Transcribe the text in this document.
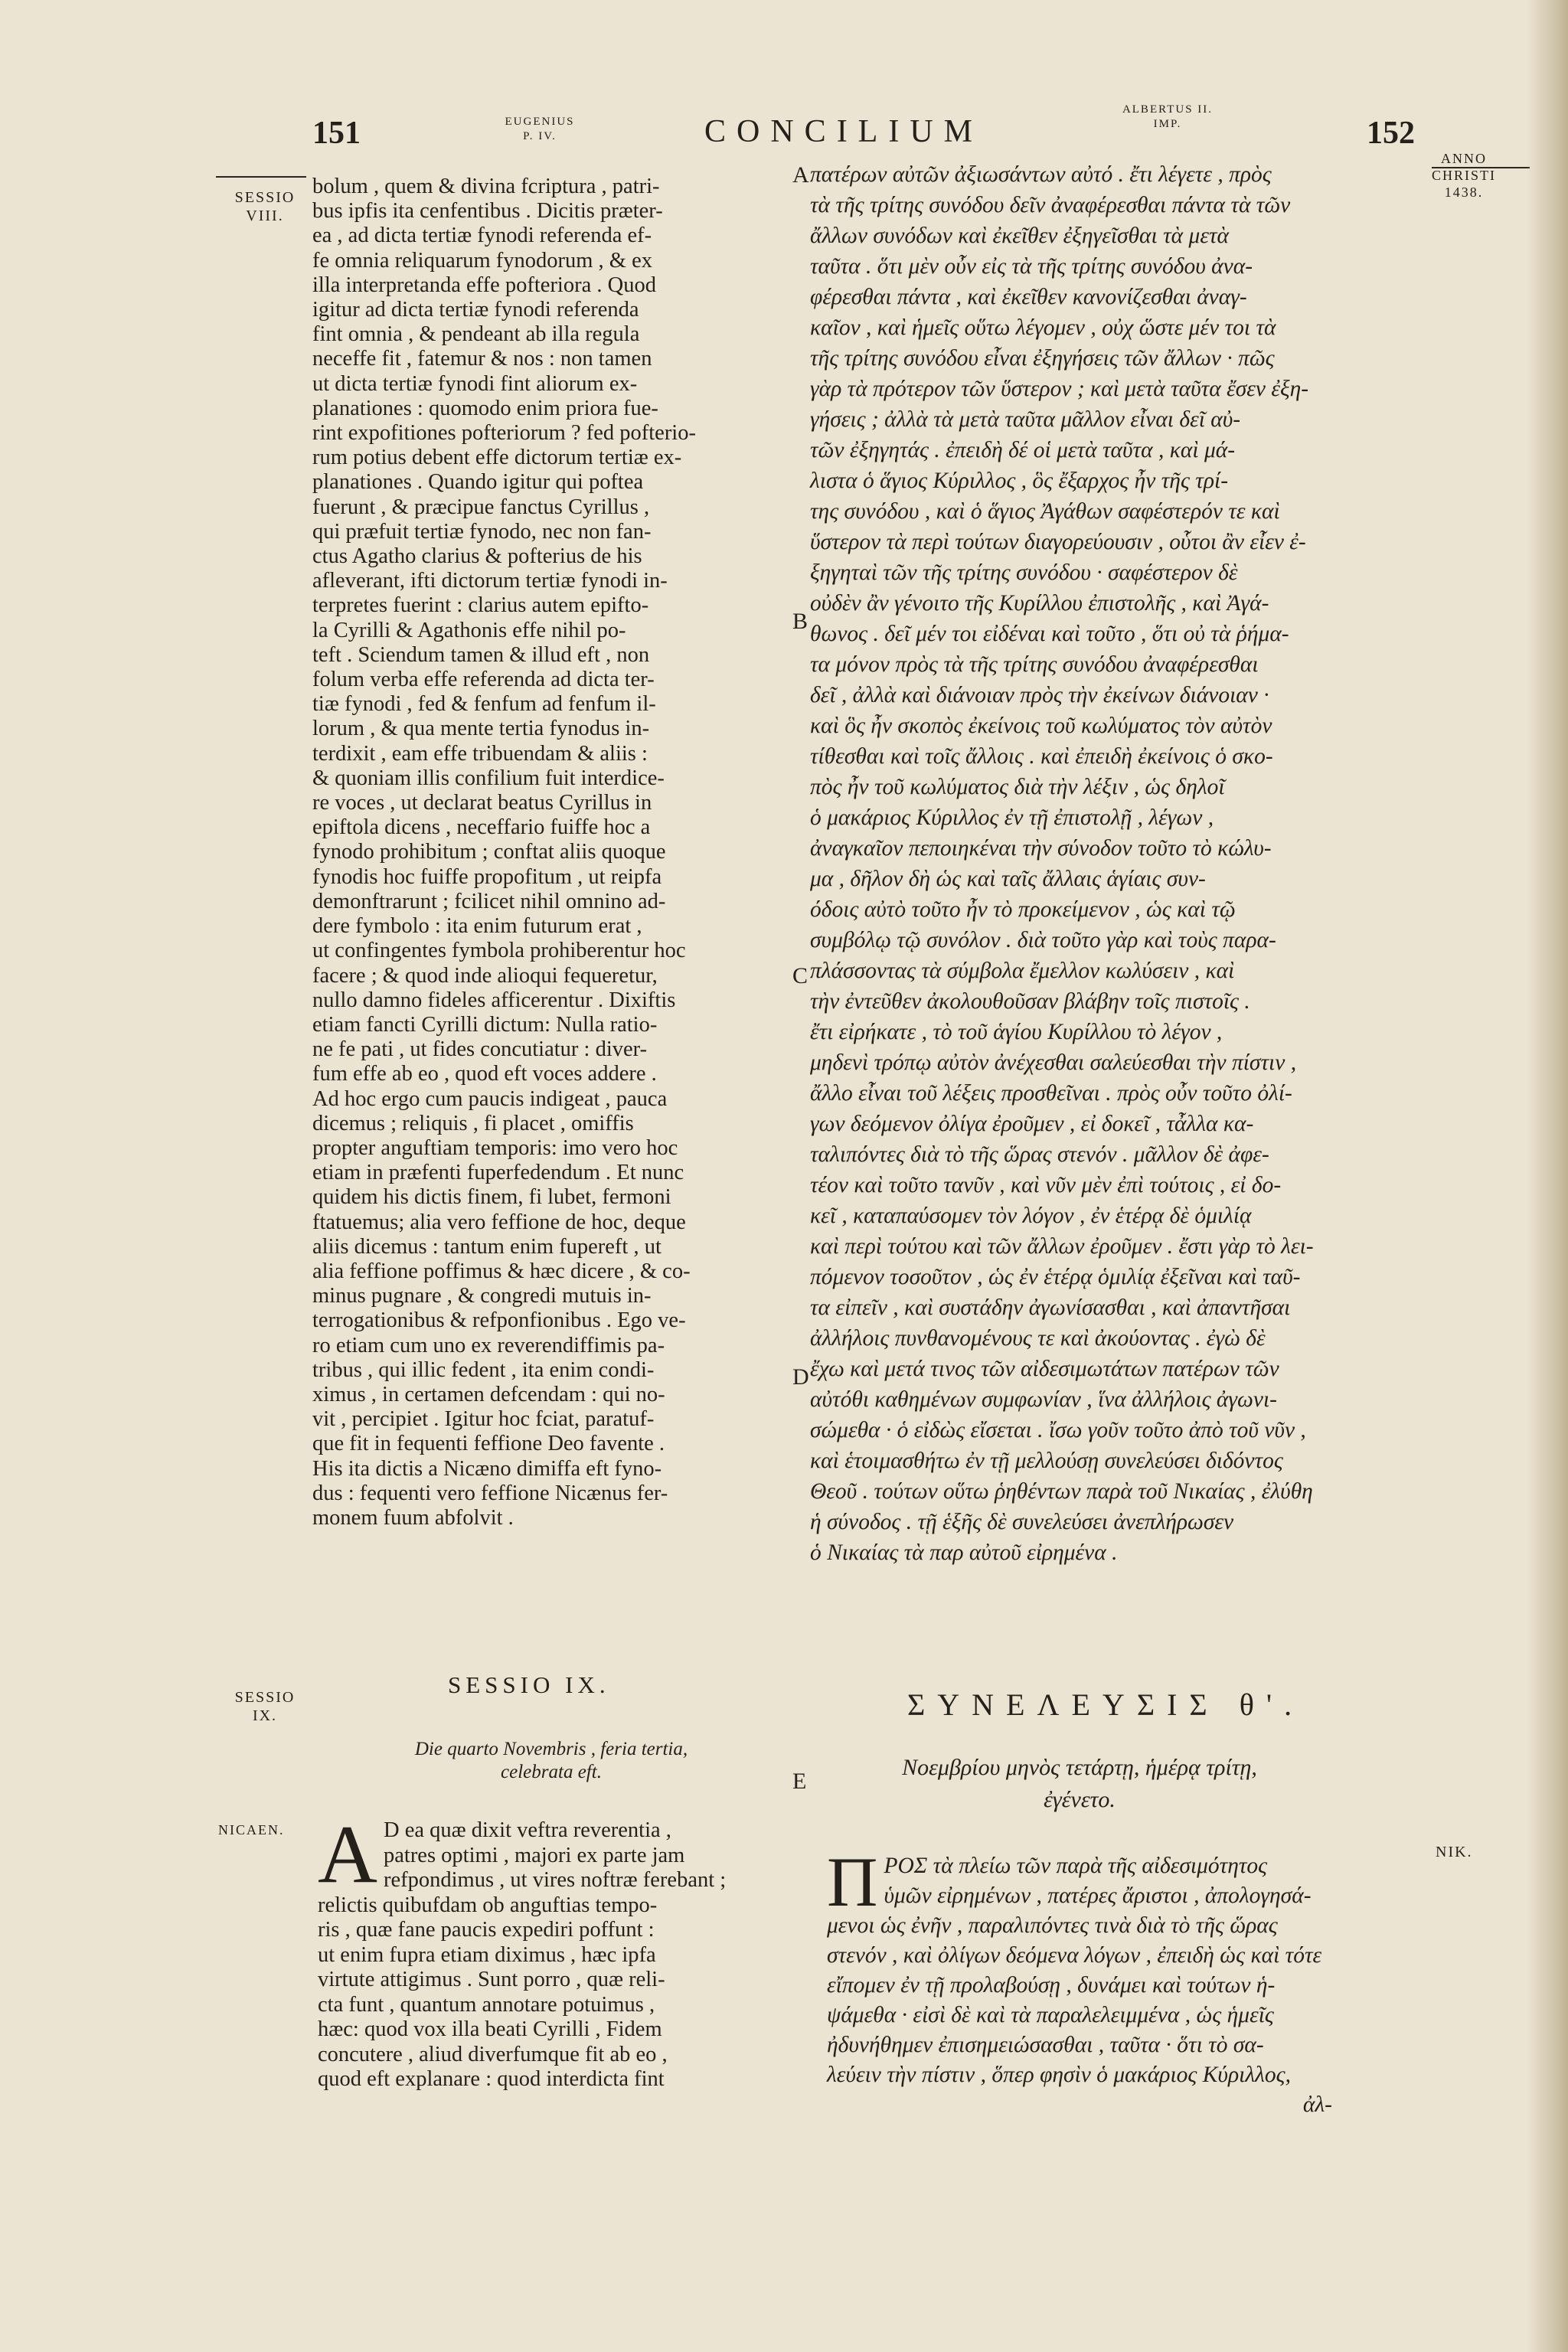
151	EUGENIUS
P. IV.	CONCILIUM
ALBERTUS II.
IMP.	152
SESSIO
VIII.
ANNO
CHRISTI
1438.
A
B
C
D
E

bolum , quem & divina fcriptura , patri-

bus ipfis ita cenfentibus . Dicitis præter-

ea , ad dicta tertiæ fynodi referenda ef-

fe omnia reliquarum fynodorum , & ex

illa interpretanda effe pofteriora . Quod

igitur ad dicta tertiæ fynodi referenda

fint omnia , & pendeant ab illa regula

neceffe fit , fatemur & nos : non tamen

ut dicta tertiæ fynodi fint aliorum ex-

planationes : quomodo enim priora fue-

rint expofitiones pofteriorum ? fed pofterio-

rum potius debent effe dictorum tertiæ ex-

planationes . Quando igitur qui poftea

fuerunt , & præcipue fanctus Cyrillus ,

qui præfuit tertiæ fynodo, nec non fan-

ctus Agatho clarius & pofterius de his

afleverant, ifti dictorum tertiæ fynodi in-

terpretes fuerint : clarius autem epifto-

la Cyrilli & Agathonis effe nihil po-

teft . Sciendum tamen & illud eft , non

folum verba effe referenda ad dicta ter-

tiæ fynodi , fed & fenfum ad fenfum il-

lorum , & qua mente tertia fynodus in-

terdixit , eam effe tribuendam & aliis :

& quoniam illis confilium fuit interdice-

re voces , ut declarat beatus Cyrillus in

epiftola dicens , neceffario fuiffe hoc a

fynodo prohibitum ; conftat aliis quoque

fynodis hoc fuiffe propofitum , ut reipfa

demonftrarunt ; fcilicet nihil omnino ad-

dere fymbolo : ita enim futurum erat ,

ut confingentes fymbola prohiberentur hoc

facere ; & quod inde alioqui fequeretur,

nullo damno fideles afficerentur . Dixiftis

etiam fancti Cyrilli dictum: Nulla ratio-

ne fe pati , ut fides concutiatur : diver-

fum effe ab eo , quod eft voces addere .

Ad hoc ergo cum paucis indigeat , pauca

dicemus ; reliquis , fi placet , omiffis

propter anguftiam temporis: imo vero hoc

etiam in præfenti fuperfedendum . Et nunc

quidem his dictis finem, fi lubet, fermoni

ftatuemus; alia vero feffione de hoc, deque

aliis dicemus : tantum enim fupereft , ut

alia feffione poffimus & hæc dicere , & co-

minus pugnare , & congredi mutuis in-

terrogationibus & refponfionibus . Ego ve-

ro etiam cum uno ex reverendiffimis pa-

tribus , qui illic fedent , ita enim condi-

ximus , in certamen defcendam : qui no-

vit , percipiet . Igitur hoc fciat, paratuf-

que fit in fequenti feffione Deo favente .

His ita dictis a Nicæno dimiffa eft fyno-

dus : fequenti vero feffione Nicænus fer-

monem fuum abfolvit .

πατέρων αὐτῶν ἀξιωσάντων αὐτό . ἔτι λέγετε , πρὸς

τὰ τῆς τρίτης συνόδου δεῖν ἀναφέρεσθαι πάντα τὰ τῶν

ἄλλων συνόδων καὶ ἐκεῖθεν ἐξηγεῖσθαι τὰ μετὰ

ταῦτα . ὅτι μὲν οὖν εἰς τὰ τῆς τρίτης συνόδου ἀνα-

φέρεσθαι πάντα , καὶ ἐκεῖθεν κανονίζεσθαι ἀναγ-

καῖον , καὶ ἡμεῖς οὕτω λέγομεν , οὐχ ὥστε μέν τοι τὰ

τῆς τρίτης συνόδου εἶναι ἐξηγήσεις τῶν ἄλλων · πῶς

γὰρ τὰ πρότερον τῶν ὕστερον ; καὶ μετὰ ταῦτα ἔσεν ἐξη-

γήσεις ; ἀλλὰ τὰ μετὰ ταῦτα μᾶλλον εἶναι δεῖ αὐ-

τῶν ἐξηγητάς . ἐπειδὴ δέ οἱ μετὰ ταῦτα , καὶ μά-

λιστα ὁ ἅγιος Κύριλλος , ὃς ἔξαρχος ἦν τῆς τρί-

της συνόδου , καὶ ὁ ἅγιος Ἀγάθων σαφέστερόν τε καὶ

ὕστερον τὰ περὶ τούτων διαγορεύουσιν , οὗτοι ἂν εἶεν ἐ-

ξηγηταὶ τῶν τῆς τρίτης συνόδου · σαφέστερον δὲ

οὐδὲν ἂν γένοιτο τῆς Κυρίλλου ἐπιστολῆς , καὶ Ἀγά-

θωνος . δεῖ μέν τοι εἰδέναι καὶ τοῦτο , ὅτι οὐ τὰ ῥήμα-

τα μόνον πρὸς τὰ τῆς τρίτης συνόδου ἀναφέρεσθαι

δεῖ , ἀλλὰ καὶ διάνοιαν πρὸς τὴν ἐκείνων διάνοιαν ·

καὶ ὃς ἦν σκοπὸς ἐκείνοις τοῦ κωλύματος τὸν αὐτὸν

τίθεσθαι καὶ τοῖς ἄλλοις . καὶ ἐπειδὴ ἐκείνοις ὁ σκο-

πὸς ἦν τοῦ κωλύματος διὰ τὴν λέξιν , ὡς δηλοῖ

ὁ μακάριος Κύριλλος ἐν τῇ ἐπιστολῇ , λέγων ,

ἀναγκαῖον πεποιηκέναι τὴν σύνοδον τοῦτο τὸ κώλυ-

μα , δῆλον δὴ ὡς καὶ ταῖς ἄλλαις ἁγίαις συν-

όδοις αὐτὸ τοῦτο ἦν τὸ προκείμενον , ὡς καὶ τῷ

συμβόλῳ τῷ συνόλον . διὰ τοῦτο γὰρ καὶ τοὺς παρα-

πλάσσοντας τὰ σύμβολα ἔμελλον κωλύσειν , καὶ

τὴν ἐντεῦθεν ἀκολουθοῦσαν βλάβην τοῖς πιστοῖς .

ἔτι εἰρήκατε , τὸ τοῦ ἁγίου Κυρίλλου τὸ λέγον ,

μηδενὶ τρόπῳ αὐτὸν ἀνέχεσθαι σαλεύεσθαι τὴν πίστιν ,

ἄλλο εἶναι τοῦ λέξεις προσθεῖναι . πρὸς οὖν τοῦτο ὀλί-

γων δεόμενον ὀλίγα ἐροῦμεν , εἰ δοκεῖ , τἆλλα κα-

ταλιπόντες διὰ τὸ τῆς ὥρας στενόν . μᾶλλον δὲ ἀφε-

τέον καὶ τοῦτο τανῦν , καὶ νῦν μὲν ἐπὶ τούτοις , εἰ δο-

κεῖ , καταπαύσομεν τὸν λόγον , ἐν ἑτέρᾳ δὲ ὁμιλίᾳ

καὶ περὶ τούτου καὶ τῶν ἄλλων ἐροῦμεν . ἔστι γὰρ τὸ λει-

πόμενον τοσοῦτον , ὡς ἐν ἑτέρᾳ ὁμιλίᾳ ἐξεῖναι καὶ ταῦ-

τα εἰπεῖν , καὶ συστάδην ἀγωνίσασθαι , καὶ ἀπαντῆσαι

ἀλλήλοις πυνθανομένους τε καὶ ἀκούοντας . ἐγὼ δὲ

ἔχω καὶ μετά τινος τῶν αἰδεσιμωτάτων πατέρων τῶν

αὐτόθι καθημένων συμφωνίαν , ἵνα ἀλλήλοις ἀγωνι-

σώμεθα · ὁ εἰδὼς εἴσεται . ἴσω γοῦν τοῦτο ἀπὸ τοῦ νῦν ,

καὶ ἑτοιμασθήτω ἐν τῇ μελλούσῃ συνελεύσει διδόντος

Θεοῦ . τούτων οὕτω ῥηθέντων παρὰ τοῦ Νικαίας , ἐλύθη

ἡ σύνοδος . τῇ ἑξῆς δὲ συνελεύσει ἀνεπλήρωσεν

ὁ Νικαίας τὰ παρ αὐτοῦ εἰρημένα .

SESSIO
IX.
SESSIO IX.
Die quarto Novembris , feria tertia,
celebrata eft.
NICAEN. A D ea quæ dixit veftra reverentia ,

patres optimi , majori ex parte jam

refpondimus , ut vires noftræ ferebant ;

relictis quibufdam ob anguftias tempo-

ris , quæ fane paucis expediri poffunt :

ut enim fupra etiam diximus , hæc ipfa

virtute attigimus . Sunt porro , quæ reli-

cta funt , quantum annotare potuimus ,

hæc: quod vox illa beati Cyrilli , Fidem

concutere , aliud diverfumque fit ab eo ,

quod eft explanare : quod interdicta fint

ΣΥΝΕΛΕΥΣΙΣ θ'.
Νοεμβρίου μηνὸς τετάρτῃ, ἡμέρᾳ τρίτῃ,
ἐγένετο.
NIK.
Π ΡΟΣ τὰ πλείω τῶν παρὰ τῆς αἰδεσιμότητος

ὑμῶν εἰρημένων , πατέρες ἄριστοι , ἀπολογησά-

μενοι ὡς ἐνῆν , παραλιπόντες τινὰ διὰ τὸ τῆς ὥρας

στενόν , καὶ ὀλίγων δεόμενα λόγων , ἐπειδὴ ὡς καὶ τότε

εἴπομεν ἐν τῇ προλαβούσῃ , δυνάμει καὶ τούτων ἡ-

ψάμεθα · εἰσὶ δὲ καὶ τὰ παραλελειμμένα , ὡς ἡμεῖς

ἠδυνήθημεν ἐπισημειώσασθαι , ταῦτα · ὅτι τὸ σα-

λεύειν τὴν πίστιν , ὅπερ φησὶν ὁ μακάριος Κύριλλος,

ἀλ-
